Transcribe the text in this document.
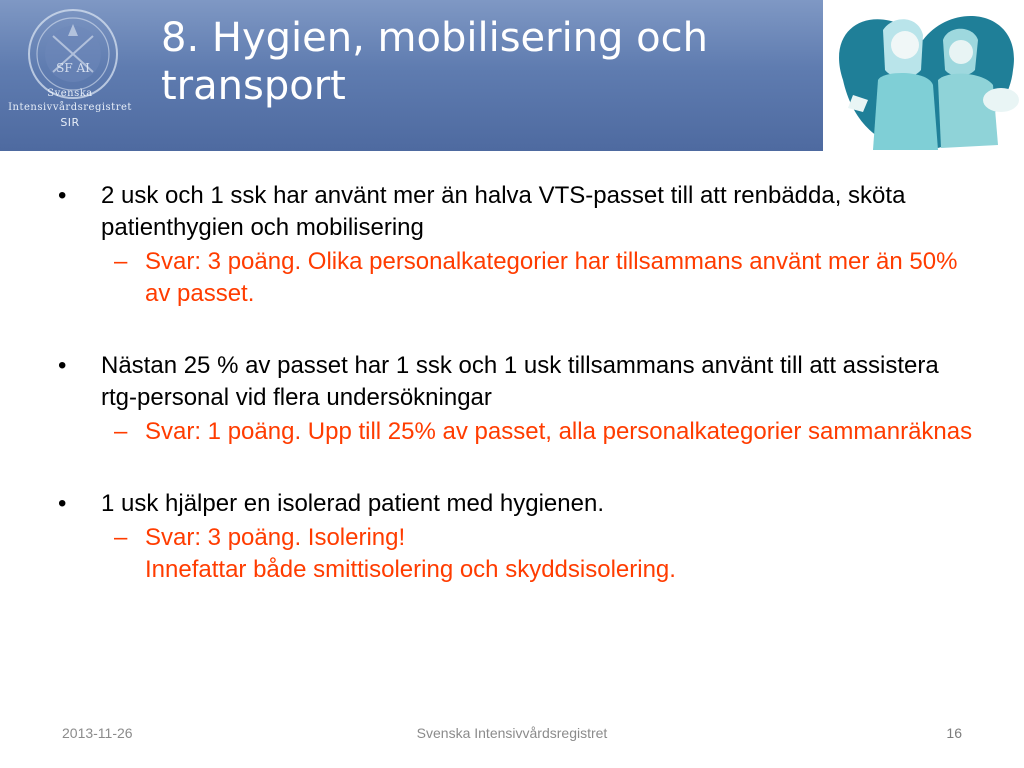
SF AI
Svenska
Intensivvårdsregistret
SIR
8. Hygien, mobilisering och
transport
• 2 usk och 1 ssk har använt mer än halva VTS-passet till att renbädda, sköta patienthygien och mobilisering
– Svar: 3 poäng. Olika personalkategorier har tillsammans använt mer än 50% av passet.
• Nästan 25 % av passet har 1 ssk och 1 usk tillsammans använt till att assistera rtg-personal vid flera undersökningar
– Svar: 1 poäng. Upp till 25% av passet, alla personalkategorier sammanräknas
• 1 usk hjälper en isolerad patient med hygienen.
– Svar: 3 poäng. Isolering!
Innefattar både smittisolering och skyddsisolering.
2013-11-26	Svenska Intensivvårdsregistret	16
